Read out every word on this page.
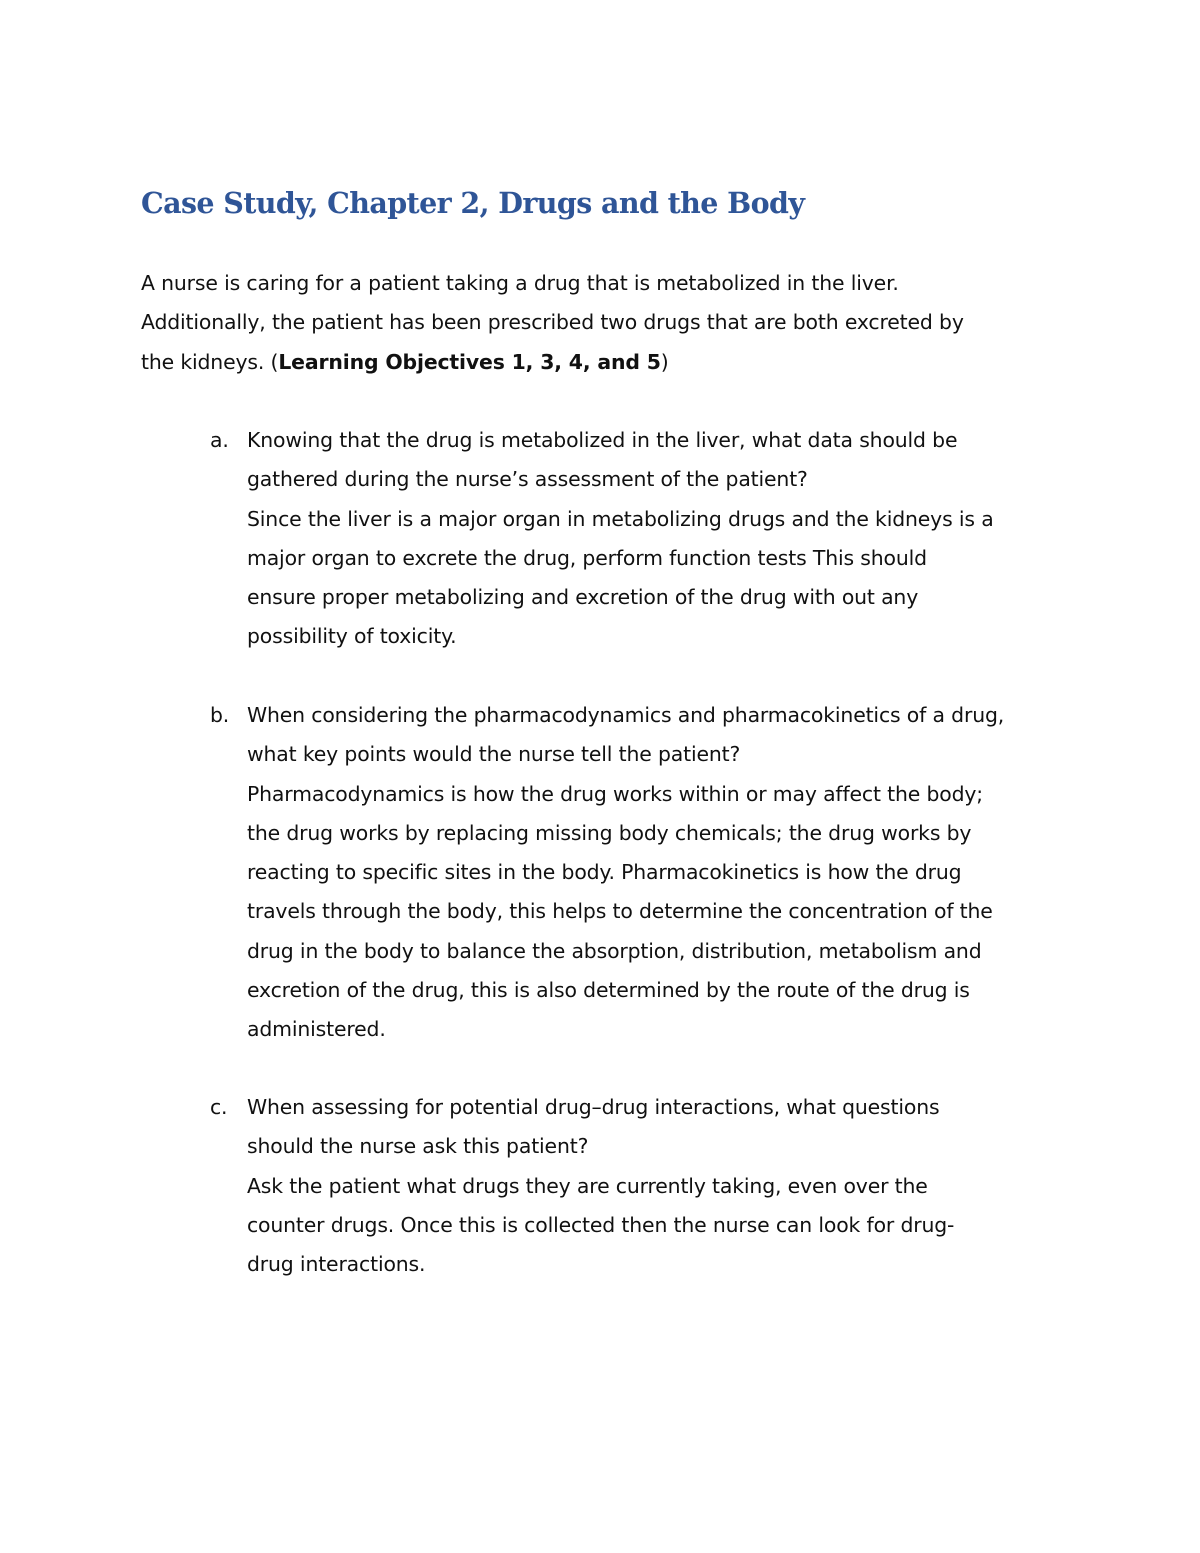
Case Study, Chapter 2, Drugs and the Body

A nurse is caring for a patient taking a drug that is metabolized in the liver.
Additionally, the patient has been prescribed two drugs that are both excreted by
the kidneys. (Learning Objectives 1, 3, 4, and 5)

a. Knowing that the drug is metabolized in the liver, what data should be
gathered during the nurse’s assessment of the patient?
Since the liver is a major organ in metabolizing drugs and the kidneys is a
major organ to excrete the drug, perform function tests This should
ensure proper metabolizing and excretion of the drug with out any
possibility of toxicity.
b. When considering the pharmacodynamics and pharmacokinetics of a drug,
what key points would the nurse tell the patient?
Pharmacodynamics is how the drug works within or may affect the body;
the drug works by replacing missing body chemicals; the drug works by
reacting to specific sites in the body. Pharmacokinetics is how the drug
travels through the body, this helps to determine the concentration of the
drug in the body to balance the absorption, distribution, metabolism and
excretion of the drug, this is also determined by the route of the drug is
administered.
c. When assessing for potential drug–drug interactions, what questions
should the nurse ask this patient?
Ask the patient what drugs they are currently taking, even over the
counter drugs. Once this is collected then the nurse can look for drug-
drug interactions.
